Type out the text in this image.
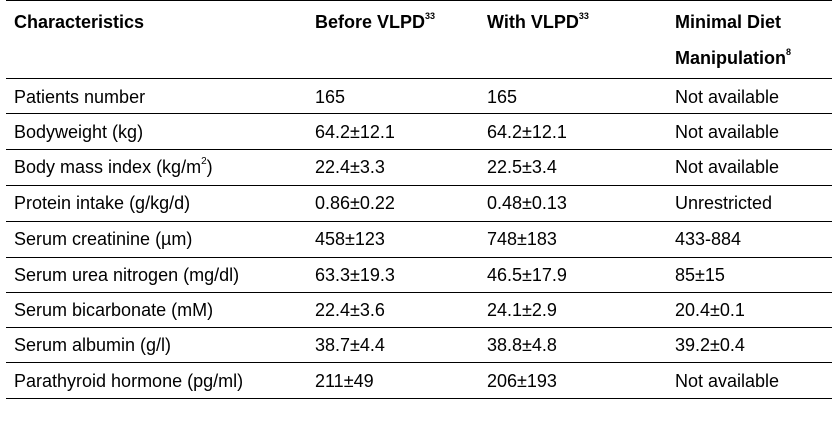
Characteristics	Before VLPD$^{33}$	With VLPD$^{33}$	Minimal Diet
Manipulation$^8$
Patients number	165	165	Not available
Bodyweight (kg)	64.2±12.1	64.2±12.1	Not available
Body mass index $(kg/m^2)$	22.4±3.3	22.5±3.4	Not available
Protein intake (g/kg/d)	0.86±0.22	0.48±0.13	Unrestricted
Serum creatinine (µm)	458±123	748±183	433-884
Serum urea nitrogen (mg/dl)	63.3±19.3	46.5±17.9	85±15
Serum bicarbonate (mM)	22.4±3.6	24.1±2.9	20.4±0.1
Serum albumin (g/l)	38.7±4.4	38.8±4.8	39.2±0.4
Parathyroid hormone (pg/ml)	211±49	206±193	Not available
